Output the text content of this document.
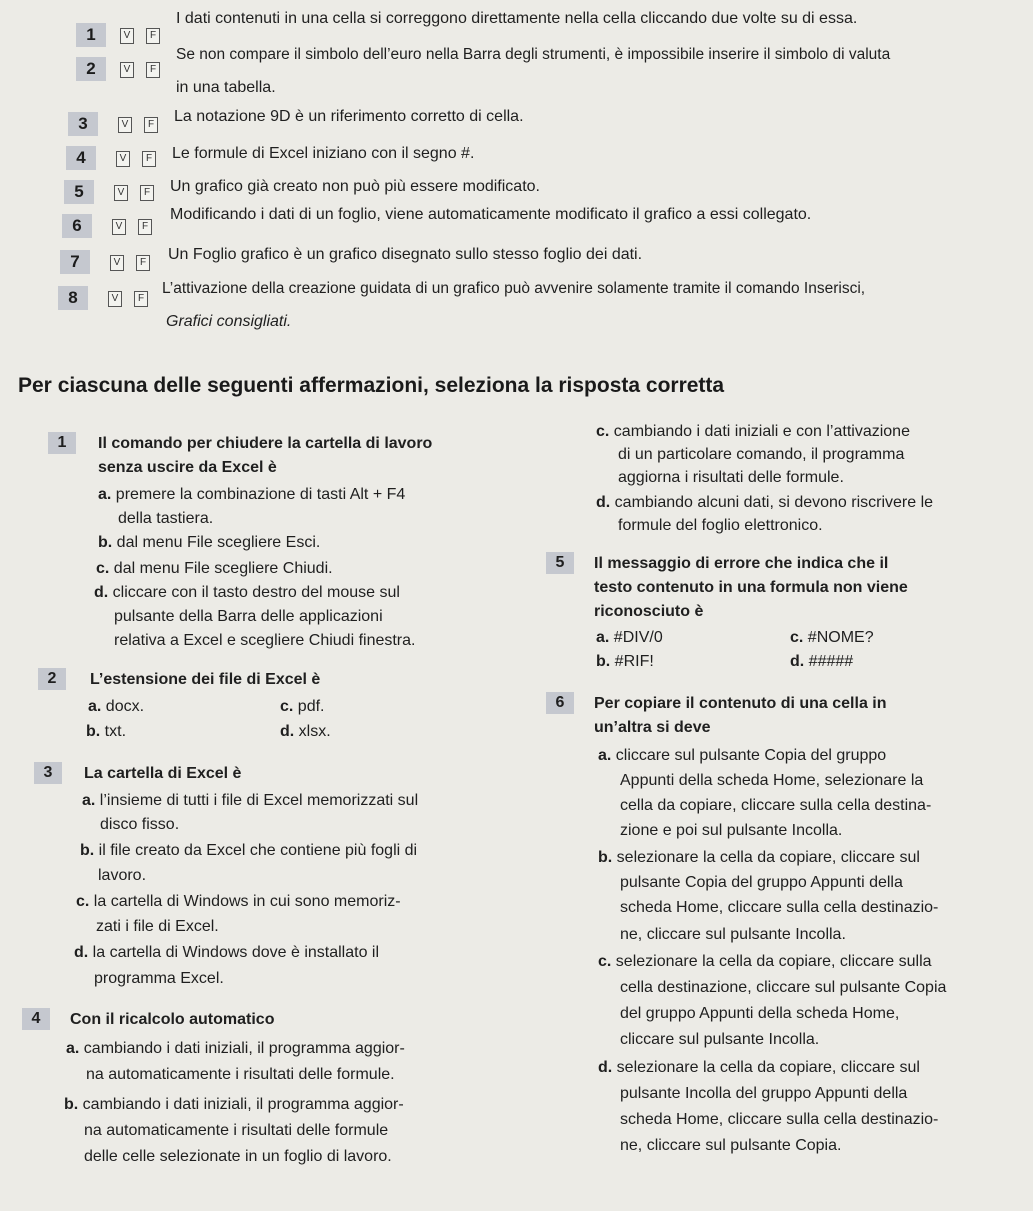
1	V	F
I dati contenuti in una cella si correggono direttamente nella cella cliccando due volte su di essa.
2	V	F
Se non compare il simbolo dell’euro nella Barra degli strumenti, è impossibile inserire il simbolo di valuta
in una tabella.
3	V	F La notazione 9D è un riferimento corretto di cella.
4	V	F Le formule di Excel iniziano con il segno #.
5	V	F Un grafico già creato non può più essere modificato.
6	V	F
Modificando i dati di un foglio, viene automaticamente modificato il grafico a essi collegato.
7	V	F Un Foglio grafico è un grafico disegnato sullo stesso foglio dei dati.
8	V	F
L’attivazione della creazione guidata di un grafico può avvenire solamente tramite il comando Inserisci,
Grafici consigliati.
Per ciascuna delle seguenti affermazioni, seleziona la risposta corretta
1	Il comando per chiudere la cartella di lavoro
senza uscire da Excel è
a. premere la combinazione di tasti Alt + F4
della tastiera.
b. dal menu File scegliere Esci.
c. dal menu File scegliere Chiudi.
d. cliccare con il tasto destro del mouse sul
pulsante della Barra delle applicazioni
relativa a Excel e scegliere Chiudi finestra.
2	L’estensione dei file di Excel è
a. docx.	c. pdf.
b. txt.	d. xlsx.
3	La cartella di Excel è
a. l’insieme di tutti i file di Excel memorizzati sul
disco fisso.
b. il file creato da Excel che contiene più fogli di
lavoro.
c. la cartella di Windows in cui sono memoriz-
zati i file di Excel.
d. la cartella di Windows dove è installato il
programma Excel.
4	Con il ricalcolo automatico
a. cambiando i dati iniziali, il programma aggior-
na automaticamente i risultati delle formule.
b. cambiando i dati iniziali, il programma aggior-
na automaticamente i risultati delle formule
delle celle selezionate in un foglio di lavoro.
c. cambiando i dati iniziali e con l’attivazione
di un particolare comando, il programma
aggiorna i risultati delle formule.
d. cambiando alcuni dati, si devono riscrivere le
formule del foglio elettronico.
5	Il messaggio di errore che indica che il
testo contenuto in una formula non viene
riconosciuto è
a. #DIV/0	c. #NOME?
b. #RIF!	d. #####
6	Per copiare il contenuto di una cella in
un’altra si deve
a. cliccare sul pulsante Copia del gruppo
Appunti della scheda Home, selezionare la
cella da copiare, cliccare sulla cella destina-
zione e poi sul pulsante Incolla.
b. selezionare la cella da copiare, cliccare sul
pulsante Copia del gruppo Appunti della
scheda Home, cliccare sulla cella destinazio-
ne, cliccare sul pulsante Incolla.
c. selezionare la cella da copiare, cliccare sulla
cella destinazione, cliccare sul pulsante Copia
del gruppo Appunti della scheda Home,
cliccare sul pulsante Incolla.
d. selezionare la cella da copiare, cliccare sul
pulsante Incolla del gruppo Appunti della
scheda Home, cliccare sulla cella destinazio-
ne, cliccare sul pulsante Copia.
